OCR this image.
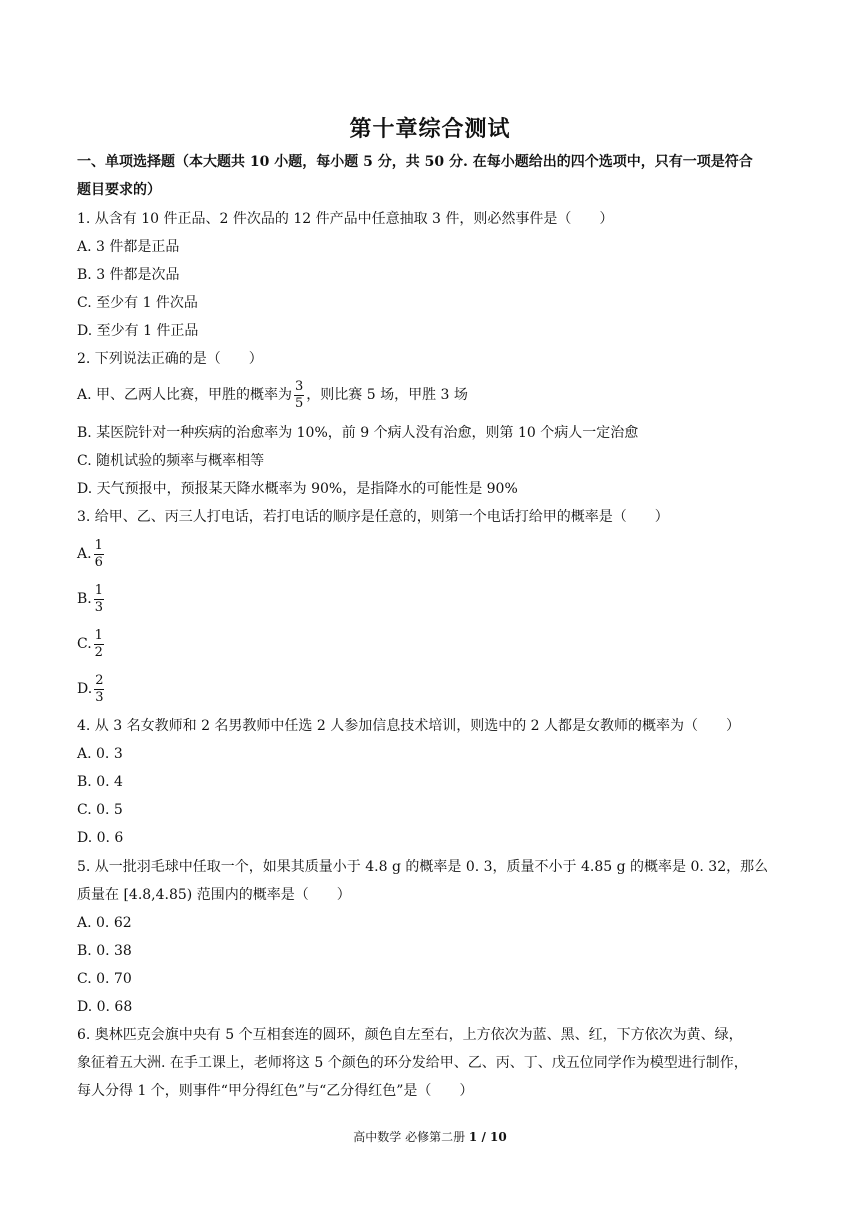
第十章综合测试
一、单项选择题（本大题共 10 小题，每小题 5 分，共 50 分. 在每小题给出的四个选项中，只有一项是符合
题目要求的）
1. 从含有 10 件正品、2 件次品的 12 件产品中任意抽取 3 件，则必然事件是（　　）
A. 3 件都是正品
B. 3 件都是次品
C. 至少有 1 件次品
D. 至少有 1 件正品
2. 下列说法正确的是（　　）
A. 甲、乙两人比赛，甲胜的概率为 $\frac{3}{5}$ ，则比赛 5 场，甲胜 3 场
B. 某医院针对一种疾病的治愈率为 10%，前 9 个病人没有治愈，则第 10 个病人一定治愈
C. 随机试验的频率与概率相等
D. 天气预报中，预报某天降水概率为 90%，是指降水的可能性是 90%
3. 给甲、乙、丙三人打电话，若打电话的顺序是任意的，则第一个电话打给甲的概率是（　　）
A. $\frac{1}{6}$
B. $\frac{1}{3}$
C. $\frac{1}{2}$
D. $\frac{2}{3}$
4. 从 3 名女教师和 2 名男教师中任选 2 人参加信息技术培训，则选中的 2 人都是女教师的概率为（　　）
A. 0. 3
B. 0. 4
C. 0. 5
D. 0. 6
5. 从一批羽毛球中任取一个，如果其质量小于 4.8 g 的概率是 0. 3，质量不小于 4.85 g 的概率是 0. 32，那么
质量在 [4.8,4.85) 范围内的概率是（　　）
A. 0. 62
B. 0. 38
C. 0. 70
D. 0. 68
6. 奥林匹克会旗中央有 5 个互相套连的圆环，颜色自左至右，上方依次为蓝、黑、红，下方依次为黄、绿，
象征着五大洲. 在手工课上，老师将这 5 个颜色的环分发给甲、乙、丙、丁、戊五位同学作为模型进行制作，
每人分得 1 个，则事件“甲分得红色”与“乙分得红色”是（　　）
高中数学 必修第二册 1 / 10
